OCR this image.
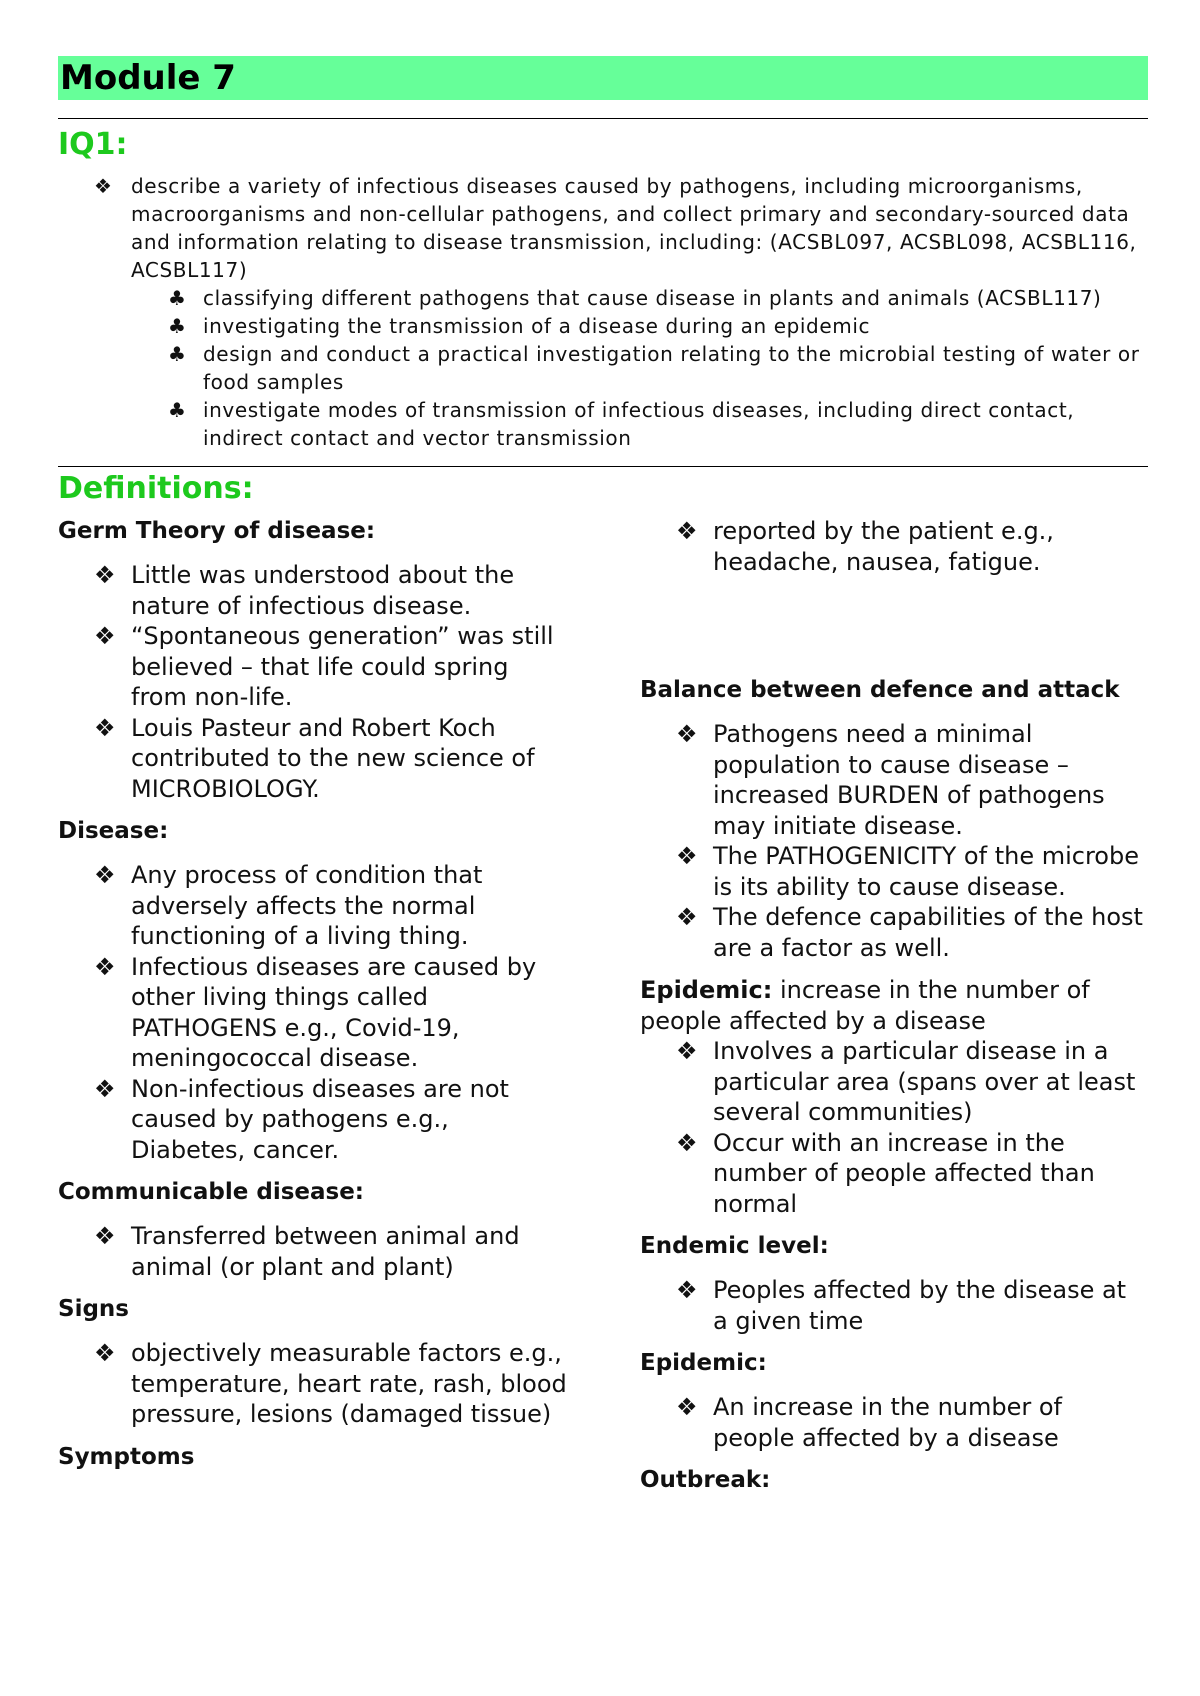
Module 7
IQ1:
❖ describe a variety of infectious diseases caused by pathogens, including microorganisms, macroorganisms and non-cellular pathogens, and collect primary and secondary-sourced data and information relating to disease transmission, including: (ACSBL097, ACSBL098, ACSBL116, ACSBL117)
♣ classifying different pathogens that cause disease in plants and animals (ACSBL117)
♣ investigating the transmission of a disease during an epidemic
♣ design and conduct a practical investigation relating to the microbial testing of water or food samples
♣ investigate modes of transmission of infectious diseases, including direct contact, indirect contact and vector transmission
Definitions:

Germ Theory of disease:

❖ Little was understood about the nature of infectious disease.
❖ “Spontaneous generation” was still believed – that life could spring from non-life.
❖ Louis Pasteur and Robert Koch contributed to the new science of MICROBIOLOGY.

Disease:

❖ Any process of condition that adversely affects the normal functioning of a living thing.
❖ Infectious diseases are caused by other living things called PATHOGENS e.g., Covid-19, meningococcal disease.
❖ Non-infectious diseases are not caused by pathogens e.g., Diabetes, cancer.

Communicable disease:

❖ Transferred between animal and animal (or plant and plant)

Signs

❖ objectively measurable factors e.g., temperature, heart rate, rash, blood pressure, lesions (damaged tissue)

Symptoms

❖ reported by the patient e.g., headache, nausea, fatigue.

Balance between defence and attack

❖ Pathogens need a minimal population to cause disease – increased BURDEN of pathogens may initiate disease.
❖ The PATHOGENICITY of the microbe is its ability to cause disease.
❖ The defence capabilities of the host are a factor as well.

Epidemic: increase in the number of people affected by a disease

❖ Involves a particular disease in a particular area (spans over at least several communities)
❖ Occur with an increase in the number of people affected than normal

Endemic level:

❖ Peoples affected by the disease at a given time

Epidemic:

❖ An increase in the number of people affected by a disease

Outbreak:
